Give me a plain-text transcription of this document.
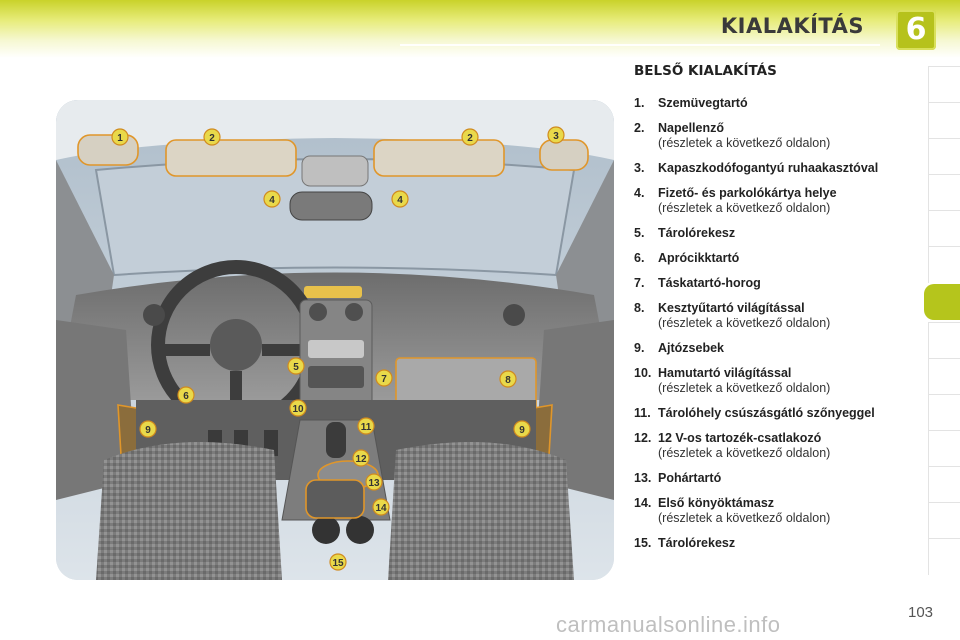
KIALAKÍTÁS	6
1	2	2	3
4	4
5
6
7	8
9	9
10
11
12
13
14
15
BELSŐ KIALAKÍTÁS
1. Szemüvegtartó
2. Napellenző
(részletek a következő oldalon)
3. Kapaszkodófogantyú ruhaakasztóval
4. Fizető- és parkolókártya helye
(részletek a következő oldalon)
5. Tárolórekesz
6. Aprócikktartó
7. Táskatartó-horog
8. Kesztyűtartó világítással
(részletek a következő oldalon)
9. Ajtózsebek
10. Hamutartó világítással
(részletek a következő oldalon)
11. Tárolóhely csúszásgátló szőnyeggel
12. 12 V-os tartozék-csatlakozó
(részletek a következő oldalon)
13. Pohártartó
14. Első könyöktámasz
(részletek a következő oldalon)
15. Tárolórekesz
carmanualsonline.info	103
